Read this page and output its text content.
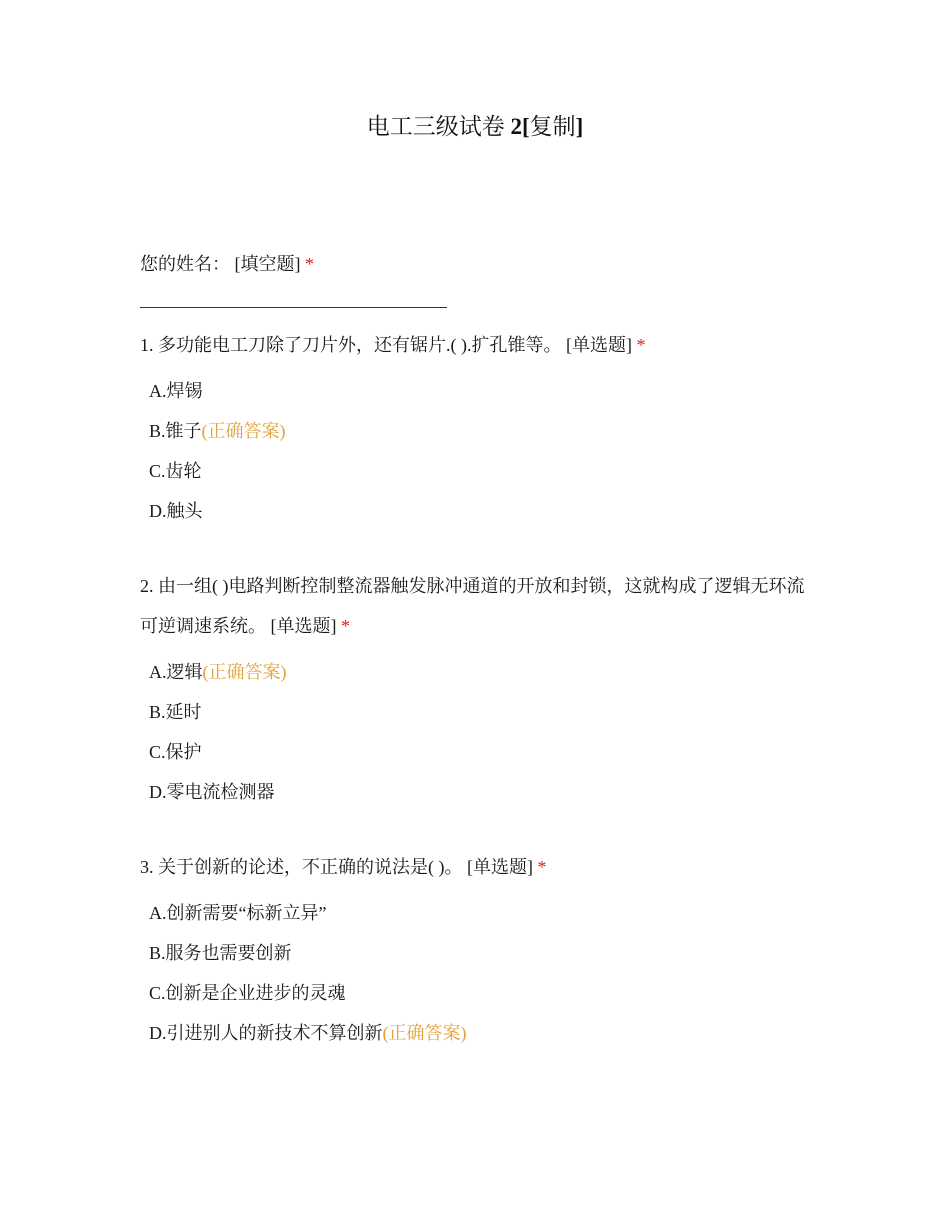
电工三级试卷 2[复制]
您的姓名： [填空题] *
1. 多功能电工刀除了刀片外，还有锯片.( ).扩孔锥等。 [单选题] *
A.焊锡
B.锥子(正确答案)
C.齿轮
D.触头
2. 由一组( )电路判断控制整流器触发脉冲通道的开放和封锁，这就构成了逻辑无环流可逆调速系统。 [单选题] *
A.逻辑(正确答案)
B.延时
C.保护
D.零电流检测器
3. 关于创新的论述，不正确的说法是( )。 [单选题] *
A.创新需要“标新立异”
B.服务也需要创新
C.创新是企业进步的灵魂
D.引进别人的新技术不算创新(正确答案)
